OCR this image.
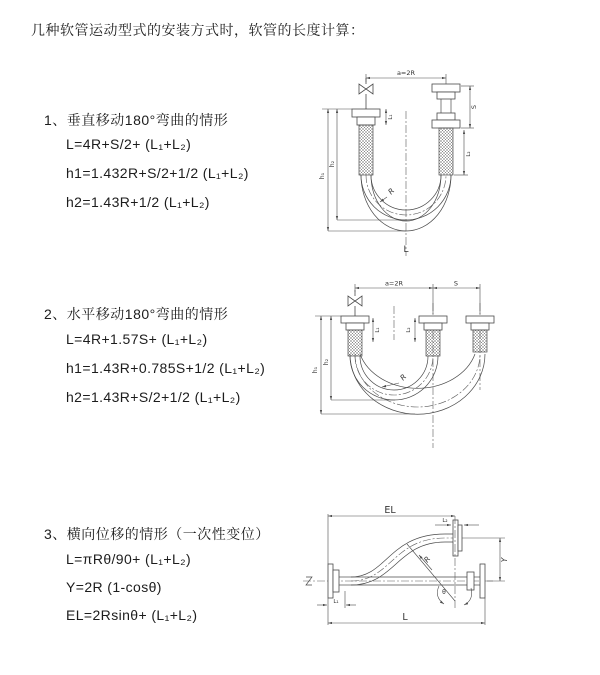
几种软管运动型式的安装方式时，软管的长度计算：
1、垂直移动180°弯曲的情形
L=4R+S/2+ (L₁+L₂)
h1=1.432R+S/2+1/2 (L₁+L₂)
h2=1.43R+1/2 (L₁+L₂)
2、水平移动180°弯曲的情形
L=4R+1.57S+ (L₁+L₂)
h1=1.43R+0.785S+1/2 (L₁+L₂)
h2=1.43R+S/2+1/2 (L₁+L₂)
3、横向位移的情形（一次性变位）
L=πRθ/90+ (L₁+L₂)
Y=2R (1-cosθ)
EL=2Rsinθ+ (L₁+L₂)
a=2R
h₁
h₂
L₁
S
L₂
R
L
a=2R	S
h₁
h₂
L₁	L₂
R
R
θ
EL
L₂
Y
L₁
L
